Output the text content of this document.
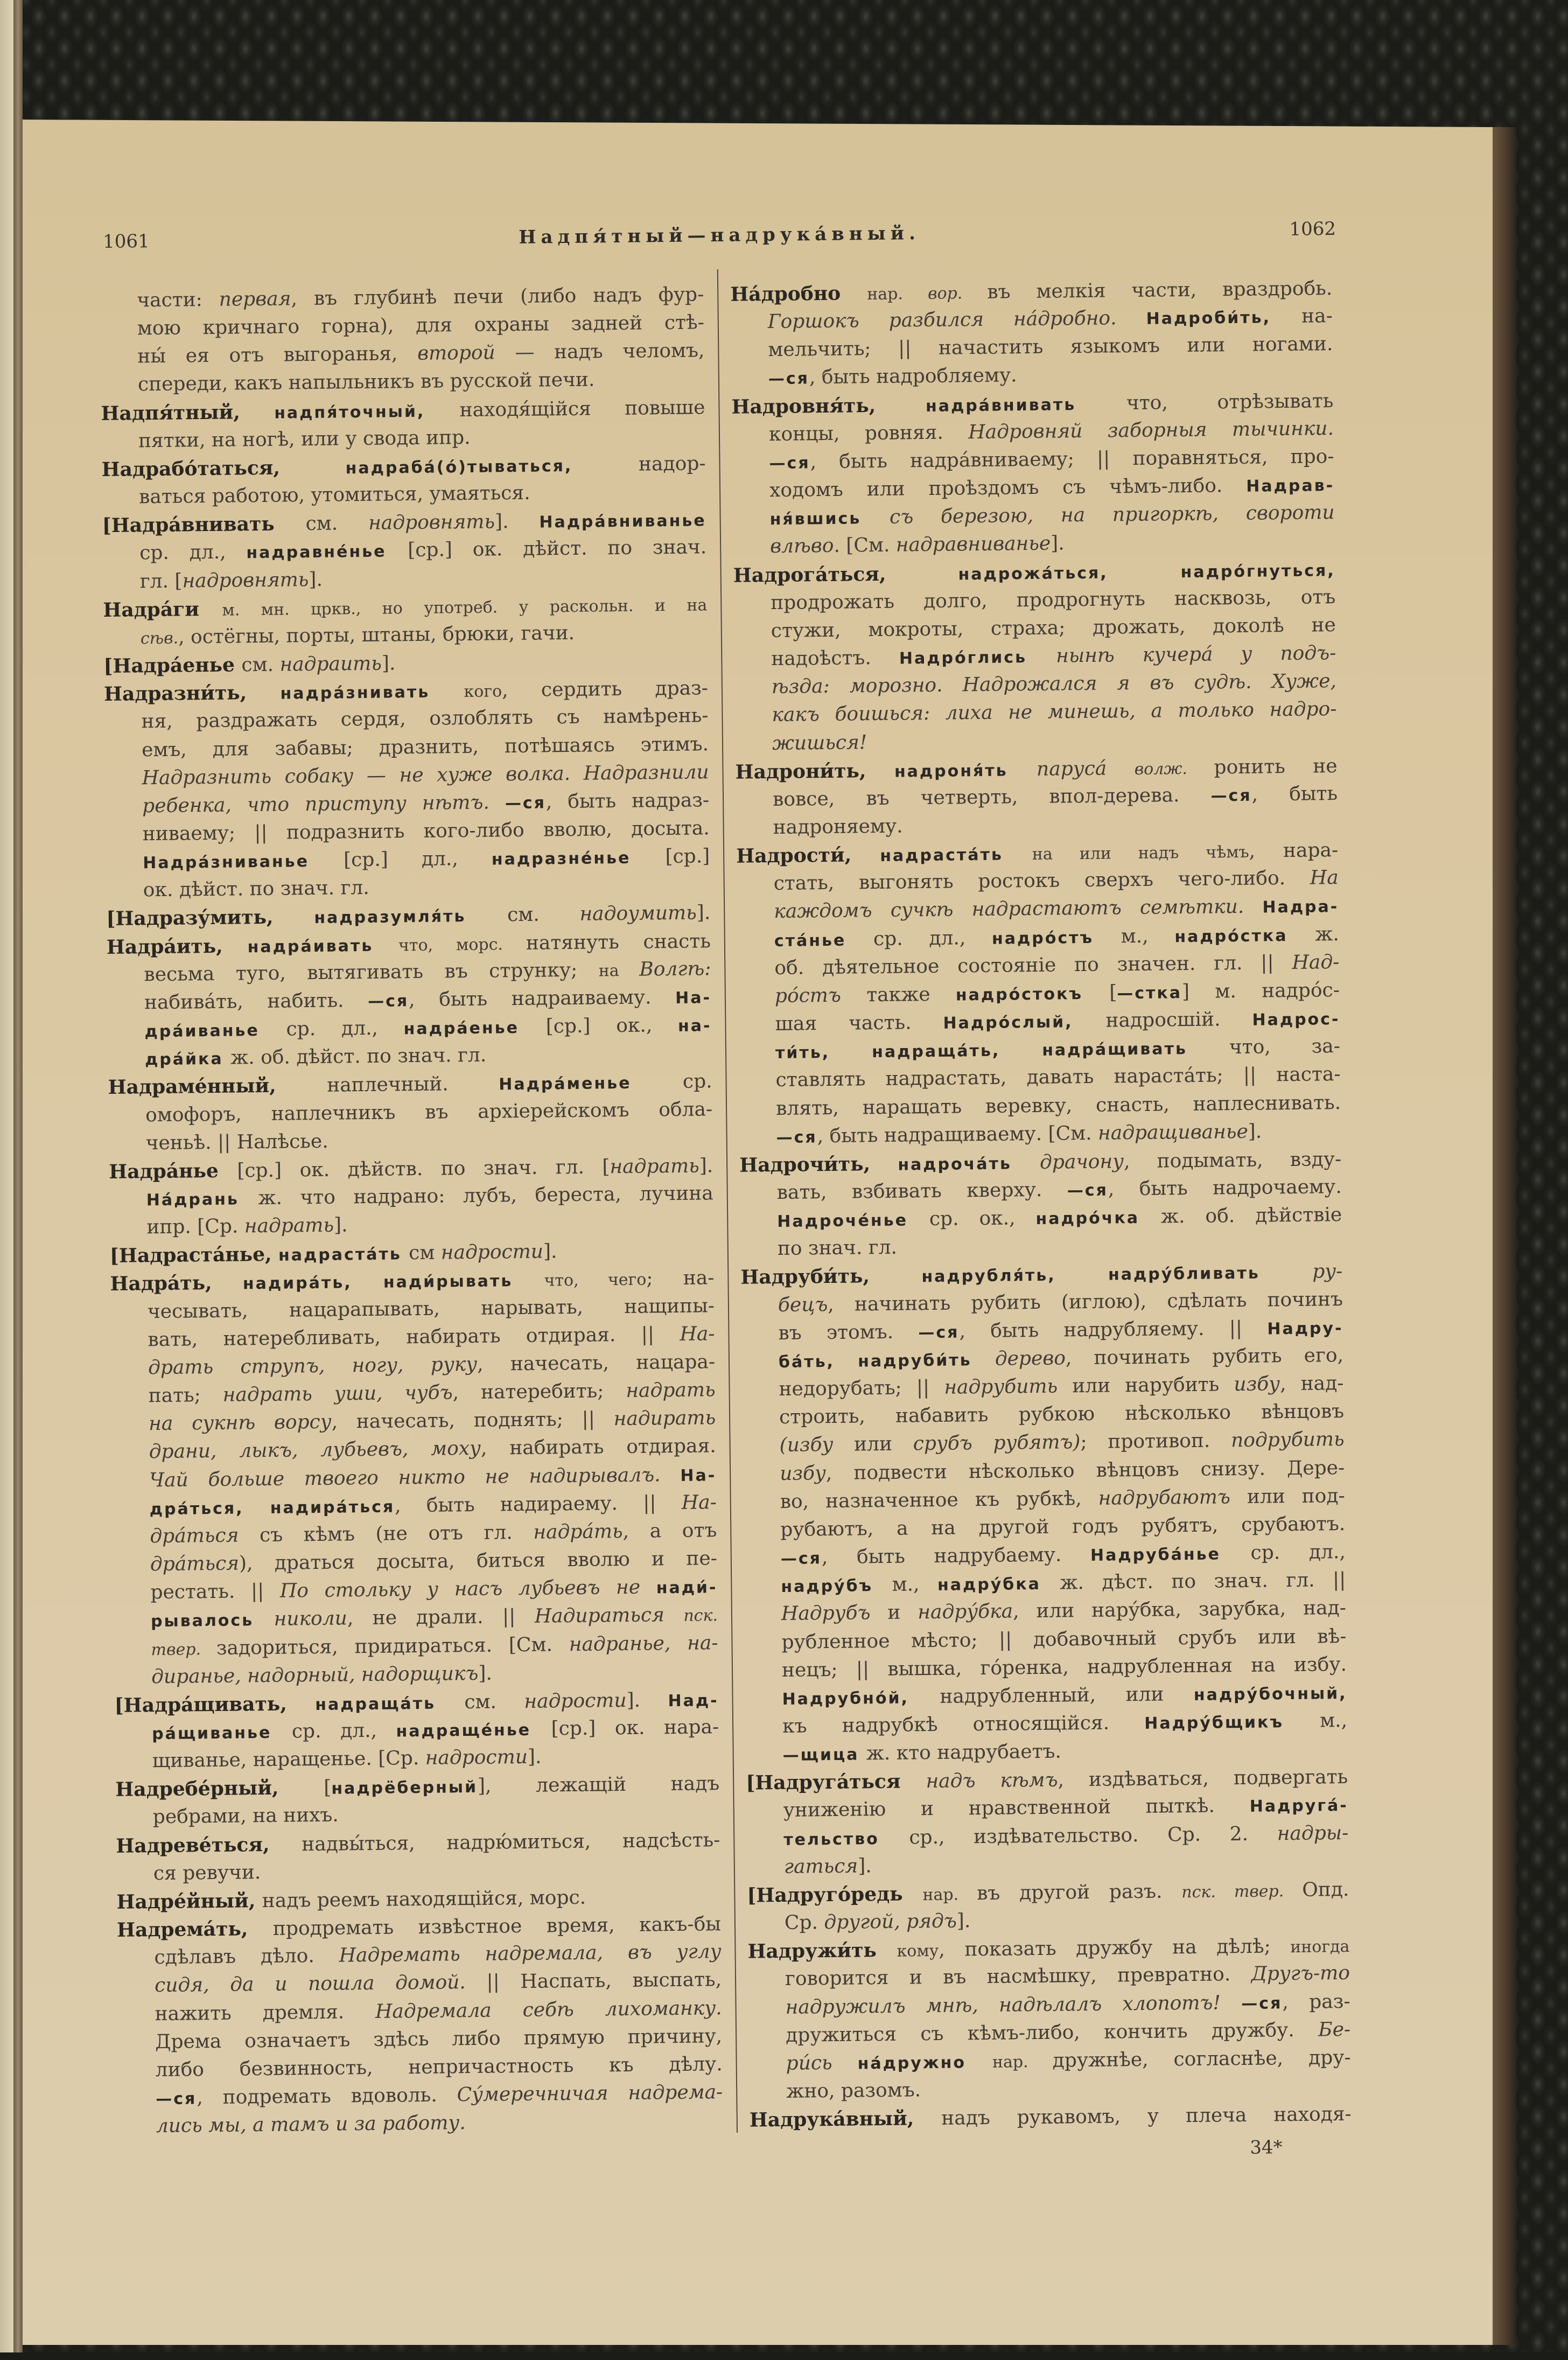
1061	Надпя́тный—надрука́вный.	1062
части: первая, въ глубинѣ печи (либо надъ фур-
мою кричнаго горна), для охраны задней стѣ-
ны́ ея отъ выгоранья, второй — надъ челомъ,
спереди, какъ напыльникъ въ русской печи.
Надпя́тный, надпя́точный, находя́щійся повыше
пятки, на ногѣ, или у свода ипр.
Надрабо́таться, надраба́(о́)тываться, надор-
ваться работою, утомиться, умаяться.
[Надра́внивать см. надровнять]. Надра́вниванье
ср. дл., надравне́нье [ср.] ок. дѣйст. по знач.
гл. [надровнять].
Надра́ги м. мн. цркв., но употреб. у раскольн. и на
сѣв., остёгны, порты, штаны, брюки, гачи.
[Надра́енье см. надраить].
Надразни́ть, надра́знивать кого, сердить драз-
ня, раздражать сердя, озлоблять съ намѣрень-
емъ, для забавы; дразнить, потѣшаясь этимъ.
Надразнить собаку — не хуже волка. Надразнили
ребенка, что приступу нѣтъ. —ся, быть надраз-
ниваему; || подразнить кого-либо вволю, досыта.
Надра́зниванье [ср.] дл., надразне́нье [ср.]
ок. дѣйст. по знач. гл.
[Надразу́мить, надразумля́ть см. надоумить].
Надра́ить, надра́ивать что, морс. натянуть снасть
весьма туго, вытягивать въ струнку; на Волгѣ:
набива́ть, набить. —ся, быть надраиваему. На-
дра́иванье ср. дл., надра́енье [ср.] ок., на-
дра́йка ж. об. дѣйст. по знач. гл.
Надраме́нный, наплечный. Надра́менье ср.
омофоръ, наплечникъ въ архіерейскомъ обла-
ченьѣ. || Налѣсье.
Надра́нье [ср.] ок. дѣйств. по знач. гл. [надрать].
На́дрань ж. что надрано: лубъ, береста, лучина
ипр. [Ср. надрать].
[Надраста́нье, надраста́ть см надрости].
Надра́ть, надира́ть, нади́рывать что, чего; на-
чесывать, нацарапывать, нарывать, нащипы-
вать, натеребливать, набирать отдирая. || На-
драть струпъ, ногу, руку, начесать, нацара-
пать; надрать уши, чубъ, натеребить; надрать
на сукнѣ ворсу, начесать, поднять; || надирать
драни, лыкъ, лубьевъ, моху, набирать отдирая.
Чай больше твоего никто не надирывалъ. На-
дра́ться, надира́ться, быть надираему. || На-
дра́ться съ кѣмъ (не отъ гл. надра́ть, а отъ
дра́ться), драться досыта, биться вволю и пе-
рестать. || По стольку у насъ лубьевъ не нади́-
рывалось николи, не драли. || Надираться пск.
твер. задориться, придираться. [См. надранье, на-
диранье, надорный, надорщикъ].
[Надра́щивать, надраща́ть см. надрости]. Над-
ра́щиванье ср. дл., надраще́нье [ср.] ок. нара-
щиванье, наращенье. [Ср. надрости].
Надребе́рный, [надрёберный], лежащій надъ
ребрами, на нихъ.
Надреве́ться, надвы́ться, надрю́миться, надсѣсть-
ся ревучи.
Надре́йный, надъ реемъ находящійся, морс.
Надрема́ть, продремать извѣстное время, какъ-бы
сдѣлавъ дѣло. Надремать надремала, въ углу
сидя, да и пошла домой. || Наспать, выспать,
нажить дремля. Надремала себѣ лихоманку.
Дрема означаетъ здѣсь либо прямую причину,
либо безвинность, непричастность къ дѣлу.
—ся, подремать вдоволь. Су́меречничая надрема-
лись мы, а тамъ и за работу.
На́дробно нар. вор. въ мелкія части, враздробь.
Горшокъ разбился на́дробно. Надроби́ть, на-
мельчить; || начастить языкомъ или ногами.
—ся, быть надробляему.
Надровня́ть, надра́внивать что, отрѣзывать
концы, ровняя. Надровняй заборныя тычинки.
—ся, быть надра́вниваему; || поравняться, про-
ходомъ или проѣздомъ съ чѣмъ-либо. Надрав-
ня́вшись съ березою, на пригоркѣ, свороти
влѣво. [См. надравниванье].
Надрога́ться, надрожа́ться, надро́гнуться,
продрожать долго, продрогнуть насквозь, отъ
стужи, мокроты, страха; дрожать, доколѣ не
надоѣстъ. Надро́глись нынѣ кучера́ у подъ-
ѣзда: морозно. Надрожался я въ судѣ. Хуже,
какъ боишься: лиха не минешь, а только надро-
жишься!
Надрони́ть, надроня́ть паруса́ волж. ронить не
вовсе, въ четверть, впол-дерева. —ся, быть
надроняему.
Надрости́, надраста́ть на или надъ чѣмъ, нара-
стать, выгонять ростокъ сверхъ чего-либо. На
каждомъ сучкѣ надрастаютъ семѣтки. Надра-
ста́нье ср. дл., надро́стъ м., надро́стка ж.
об. дѣятельное состояніе по значен. гл. || Над-
ро́стъ также надро́стокъ [—стка] м. надро́с-
шая часть. Надро́слый, надросшій. Надрос-
ти́ть, надраща́ть, надра́щивать что, за-
ставлять надрастать, давать нараста́ть; || наста-
влять, наращать веревку, снасть, наплеснивать.
—ся, быть надращиваему. [См. надращиванье].
Надрочи́ть, надроча́ть драчону, подымать, взду-
вать, взбивать кверху. —ся, быть надрочаему.
Надроче́нье ср. ок., надро́чка ж. об. дѣйствіе
по знач. гл.
Надруби́ть, надрубля́ть, надру́бливать ру-
бецъ, начинать рубить (иглою), сдѣлать починъ
въ этомъ. —ся, быть надрубляему. || Надру-
ба́ть, надруби́ть дерево, починать рубить его,
недорубать; || надрубить или нарубить избу, над-
строить, набавить рубкою нѣсколько вѣнцовъ
(избу или срубъ рубятъ); противоп. подрубить
избу, подвести нѣсколько вѣнцовъ снизу. Дере-
во, назначенное къ рубкѣ, надрубаютъ или под-
рубаютъ, а на другой годъ рубятъ, срубаютъ.
—ся, быть надрубаему. Надруба́нье ср. дл.,
надру́бъ м., надру́бка ж. дѣст. по знач. гл. ||
Надрубъ и надру́бка, или нару́бка, зарубка, над-
рубленное мѣсто; || добавочный срубъ или вѣ-
нецъ; || вышка, го́ренка, надрубленная на избу.
Надрубно́й, надрубленный, или надру́бочный,
къ надрубкѣ относящійся. Надру́бщикъ м.,
—щица ж. кто надрубаетъ.
[Надруга́ться надъ кѣмъ, издѣваться, подвергать
униженію и нравственной пыткѣ. Надруга́-
тельство ср., издѣвательство. Ср. 2. надры-
гаться].
[Надруго́редь нар. въ другой разъ. пск. твер. Опд.
Ср. другой, рядъ].
Надружи́ть кому, показать дружбу на дѣлѣ; иногда
говорится и въ насмѣшку, превратно. Другъ-то
надружилъ мнѣ, надѣлалъ хлопотъ! —ся, раз-
дружиться съ кѣмъ-либо, кончить дружбу. Бе-
ри́сь на́дружно нар. дружнѣе, согласнѣе, дру-
жно, разомъ.
Надрука́вный, надъ рукавомъ, у плеча находя-
34*
